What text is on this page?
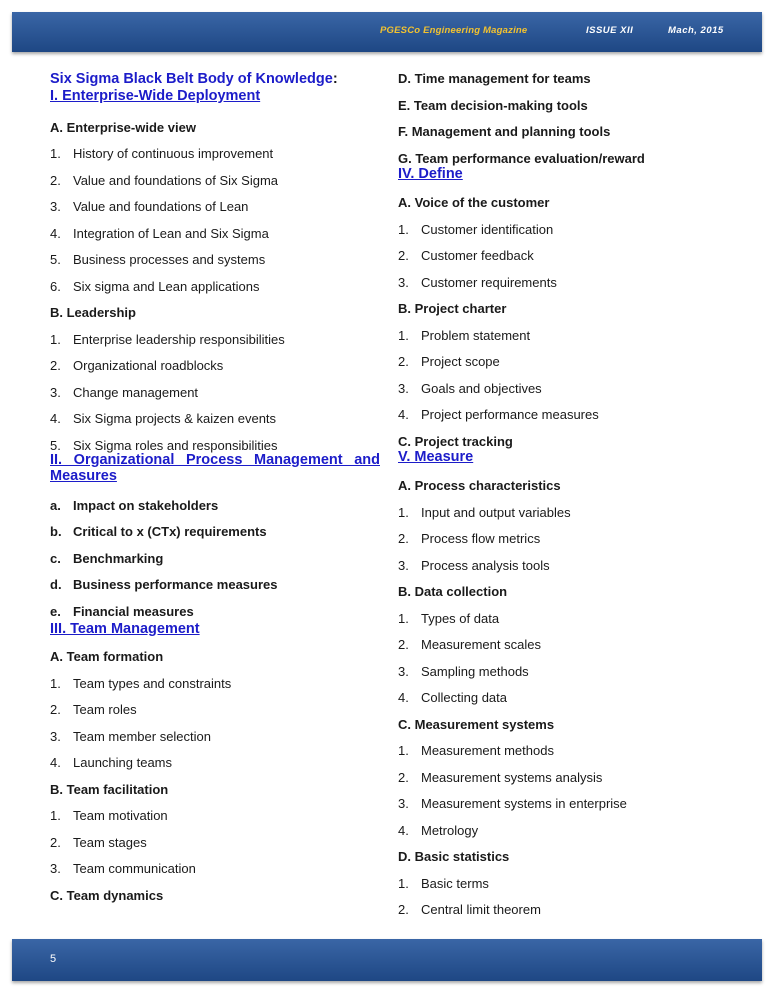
PGESCo Engineering Magazine	ISSUE XII	Mach, 2015
Six Sigma Black Belt Body of Knowledge:
I. Enterprise-Wide Deployment
A. Enterprise-wide view
1. History of continuous improvement
2. Value and foundations of Six Sigma
3. Value and foundations of Lean
4. Integration of Lean and Six Sigma
5. Business processes and systems
6. Six sigma and Lean applications
B. Leadership
1. Enterprise leadership responsibilities
2. Organizational roadblocks
3. Change management
4. Six Sigma projects & kaizen events
5. Six Sigma roles and responsibilities
II. Organizational Process Management and Measures
a. Impact on stakeholders
b. Critical to x (CTx) requirements
c. Benchmarking
d. Business performance measures
e. Financial measures
III. Team Management
A. Team formation
1. Team types and constraints
2. Team roles
3. Team member selection
4. Launching teams
B. Team facilitation
1. Team motivation
2. Team stages
3. Team communication
C. Team dynamics
D. Time management for teams
E. Team decision-making tools
F. Management and planning tools
G. Team performance evaluation/reward
IV. Define
A. Voice of the customer
1. Customer identification
2. Customer feedback
3. Customer requirements
B. Project charter
1. Problem statement
2. Project scope
3. Goals and objectives
4. Project performance measures
C. Project tracking
V. Measure
A. Process characteristics
1. Input and output variables
2. Process flow metrics
3. Process analysis tools
B. Data collection
1. Types of data
2. Measurement scales
3. Sampling methods
4. Collecting data
C. Measurement systems
1. Measurement methods
2. Measurement systems analysis
3. Measurement systems in enterprise
4. Metrology
D. Basic statistics
1. Basic terms
2. Central limit theorem
5
